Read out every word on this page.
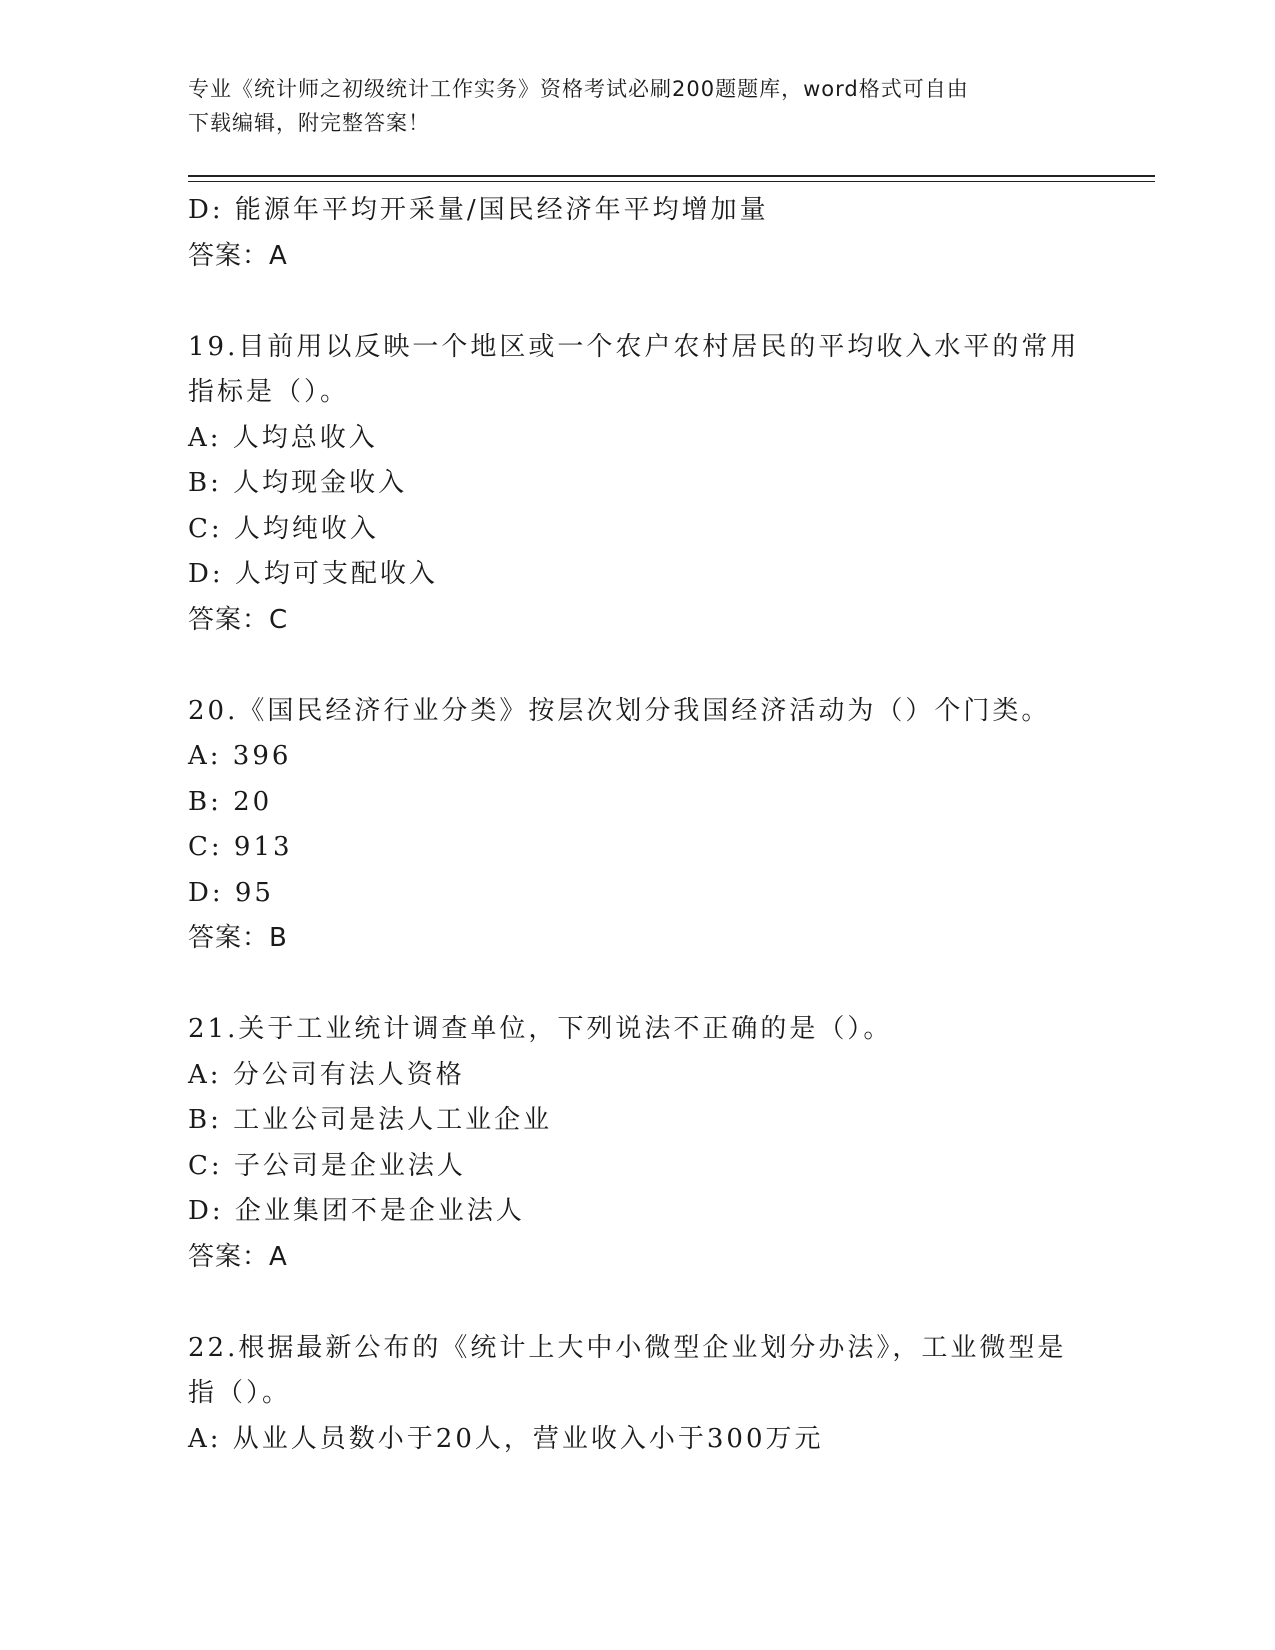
专业《统计师之初级统计工作实务》资格考试必刷200题题库，word格式可自由
下载编辑，附完整答案！
D: 能源年平均开采量/国民经济年平均增加量
答案：A
19.目前用以反映一个地区或一个农户农村居民的平均收入水平的常用
指标是（）。
A: 人均总收入
B: 人均现金收入
C: 人均纯收入
D: 人均可支配收入
答案：C
20.《国民经济行业分类》按层次划分我国经济活动为（）个门类。
A: 396
B: 20
C: 913
D: 95
答案：B
21.关于工业统计调查单位，下列说法不正确的是（）。
A: 分公司有法人资格
B: 工业公司是法人工业企业
C: 子公司是企业法人
D: 企业集团不是企业法人
答案：A
22.根据最新公布的《统计上大中小微型企业划分办法》，工业微型是
指（）。
A: 从业人员数小于20人，营业收入小于300万元
